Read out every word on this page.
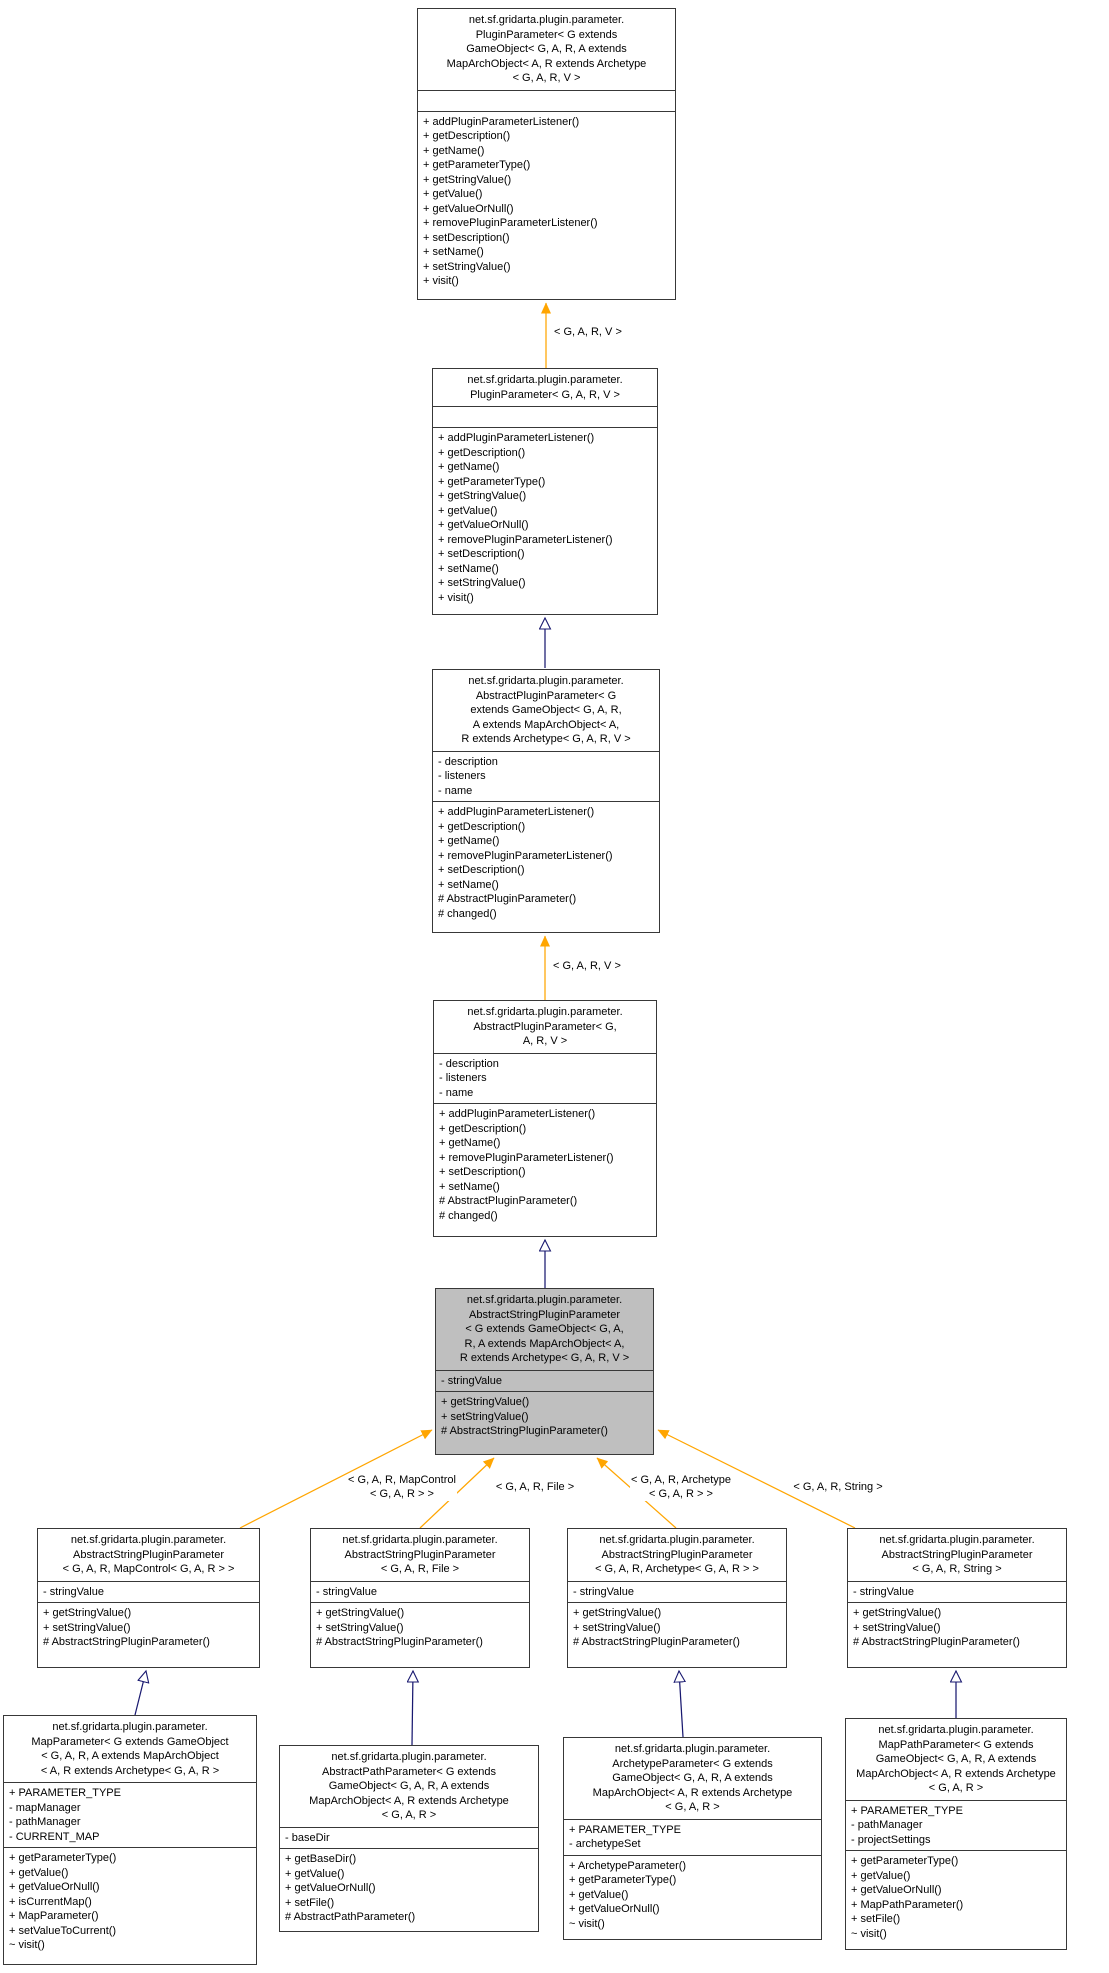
< G, A, R, V >
< G, A, R, V >
< G, A, R, MapControl
< G, A, R > >
< G, A, R, File >
< G, A, R, Archetype
< G, A, R > >
< G, A, R, String >
net.sf.gridarta.plugin.parameter.
PluginParameter< G extends
GameObject< G, A, R, A extends
MapArchObject< A, R extends Archetype
< G, A, R, V >
+ addPluginParameterListener()
+ getDescription()
+ getName()
+ getParameterType()
+ getStringValue()
+ getValue()
+ getValueOrNull()
+ removePluginParameterListener()
+ setDescription()
+ setName()
+ setStringValue()
+ visit()
net.sf.gridarta.plugin.parameter.
PluginParameter< G, A, R, V >
+ addPluginParameterListener()
+ getDescription()
+ getName()
+ getParameterType()
+ getStringValue()
+ getValue()
+ getValueOrNull()
+ removePluginParameterListener()
+ setDescription()
+ setName()
+ setStringValue()
+ visit()
net.sf.gridarta.plugin.parameter.
AbstractPluginParameter< G
extends GameObject< G, A, R,
A extends MapArchObject< A,
R extends Archetype< G, A, R, V >
- description
- listeners
- name
+ addPluginParameterListener()
+ getDescription()
+ getName()
+ removePluginParameterListener()
+ setDescription()
+ setName()
# AbstractPluginParameter()
# changed()
net.sf.gridarta.plugin.parameter.
AbstractPluginParameter< G,
A, R, V >
- description
- listeners
- name
+ addPluginParameterListener()
+ getDescription()
+ getName()
+ removePluginParameterListener()
+ setDescription()
+ setName()
# AbstractPluginParameter()
# changed()
net.sf.gridarta.plugin.parameter.
AbstractStringPluginParameter
< G extends GameObject< G, A,
R, A extends MapArchObject< A,
R extends Archetype< G, A, R, V >
- stringValue
+ getStringValue()
+ setStringValue()
# AbstractStringPluginParameter()
net.sf.gridarta.plugin.parameter.
AbstractStringPluginParameter
< G, A, R, MapControl< G, A, R > >
- stringValue
+ getStringValue()
+ setStringValue()
# AbstractStringPluginParameter()
net.sf.gridarta.plugin.parameter.
AbstractStringPluginParameter
< G, A, R, File >
- stringValue
+ getStringValue()
+ setStringValue()
# AbstractStringPluginParameter()
net.sf.gridarta.plugin.parameter.
AbstractStringPluginParameter
< G, A, R, Archetype< G, A, R > >
- stringValue
+ getStringValue()
+ setStringValue()
# AbstractStringPluginParameter()
net.sf.gridarta.plugin.parameter.
AbstractStringPluginParameter
< G, A, R, String >
- stringValue
+ getStringValue()
+ setStringValue()
# AbstractStringPluginParameter()
net.sf.gridarta.plugin.parameter.
MapParameter< G extends GameObject
< G, A, R, A extends MapArchObject
< A, R extends Archetype< G, A, R >
+ PARAMETER_TYPE
- mapManager
- pathManager
- CURRENT_MAP
+ getParameterType()
+ getValue()
+ getValueOrNull()
+ isCurrentMap()
+ MapParameter()
+ setValueToCurrent()
~ visit()
net.sf.gridarta.plugin.parameter.
AbstractPathParameter< G extends
GameObject< G, A, R, A extends
MapArchObject< A, R extends Archetype
< G, A, R >
- baseDir
+ getBaseDir()
+ getValue()
+ getValueOrNull()
+ setFile()
# AbstractPathParameter()
net.sf.gridarta.plugin.parameter.
ArchetypeParameter< G extends
GameObject< G, A, R, A extends
MapArchObject< A, R extends Archetype
< G, A, R >
+ PARAMETER_TYPE
- archetypeSet
+ ArchetypeParameter()
+ getParameterType()
+ getValue()
+ getValueOrNull()
~ visit()
net.sf.gridarta.plugin.parameter.
MapPathParameter< G extends
GameObject< G, A, R, A extends
MapArchObject< A, R extends Archetype
< G, A, R >
+ PARAMETER_TYPE
- pathManager
- projectSettings
+ getParameterType()
+ getValue()
+ getValueOrNull()
+ MapPathParameter()
+ setFile()
~ visit()
